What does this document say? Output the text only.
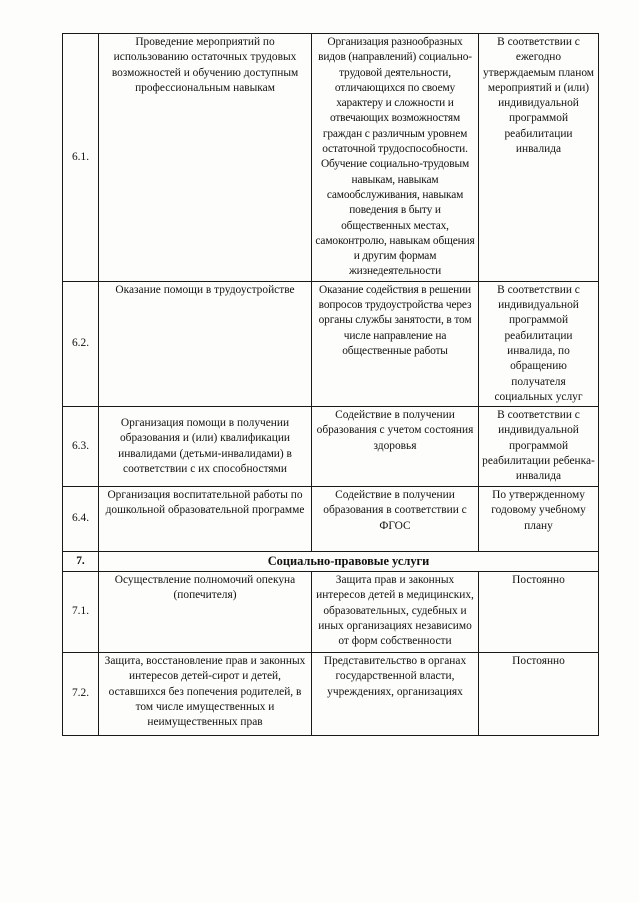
6.1.	Проведение мероприятий по использованию остаточных трудовых возможностей и обучению доступным профессиональным навыкам	Организация разнообразных видов (направлений) социально-трудовой деятельности, отличающихся по своему характеру и сложности и отвечающих возможностям граждан с различным уровнем остаточной трудоспособности. Обучение социально-трудовым навыкам, навыкам самообслуживания, навыкам поведения в быту и общественных местах, самоконтролю, навыкам общения и другим формам жизнедеятельности	В соответствии с ежегодно утверждаемым планом мероприятий и (или) индивидуальной программой реабилитации инвалида
6.2.	Оказание помощи в трудоустройстве	Оказание содействия в решении вопросов трудоустройства через органы службы занятости, в том числе направление на общественные работы	В соответствии с индивидуальной программой реабилитации инвалида, по обращению получателя социальных услуг
6.3.	Организация помощи в получении образования и (или) квалификации инвалидами (детьми-инвалидами) в соответствии с их способностями	Содействие в получении образования с учетом состояния здоровья	В соответствии с индивидуальной программой реабилитации ребенка-инвалида
6.4.	Организация воспитательной работы по дошкольной образовательной программе	Содействие в получении образования в соответствии с ФГОС	По утвержденному годовому учебному плану
7.	Социально-правовые услуги		
7.1.	Осуществление полномочий опекуна (попечителя)	Защита прав и законных интересов детей в медицинских, образовательных, судебных и иных организациях независимо от форм собственности	Постоянно
7.2.	Защита, восстановление прав и законных интересов детей-сирот и детей, оставшихся без попечения родителей, в том числе имущественных и неимущественных прав	Представительство в органах государственной власти, учреждениях, организациях	Постоянно
